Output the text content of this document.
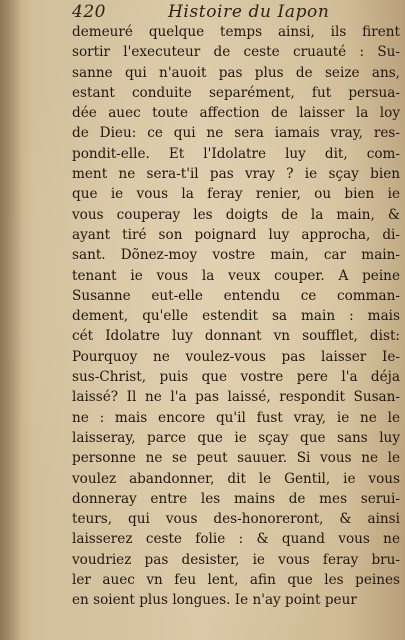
420	Histoire du Iapon
demeuré quelque temps ainsi, ils firent
sortir l'executeur de ceste cruauté : Su-
sanne qui n'auoit pas plus de seize ans,
estant conduite separément, fut persua-
dée auec toute affection de laisser la loy
de Dieu: ce qui ne sera iamais vray, res-
pondit-elle. Et l'Idolatre luy dit, com-
ment ne sera-t'il pas vray ? ie sçay bien
que ie vous la feray renier, ou bien ie
vous couperay les doigts de la main, &
ayant tiré son poignard luy approcha, di-
sant. Dõnez-moy vostre main, car main-
tenant ie vous la veux couper. A peine
Susanne eut-elle entendu ce comman-
dement, qu'elle estendit sa main : mais
cét Idolatre luy donnant vn soufflet, dist:
Pourquoy ne voulez-vous pas laisser Ie-
sus-Christ, puis que vostre pere l'a déja
laissé? Il ne l'a pas laissé, respondit Susan-
ne : mais encore qu'il fust vray, ie ne le
laisseray, parce que ie sçay que sans luy
personne ne se peut sauuer. Si vous ne le
voulez abandonner, dit le Gentil, ie vous
donneray entre les mains de mes serui-
teurs, qui vous des-honoreront, & ainsi
laisserez ceste folie : & quand vous ne
voudriez pas desister, ie vous feray bru-
ler auec vn feu lent, afin que les peines
en soient plus longues. Ie n'ay point peur
